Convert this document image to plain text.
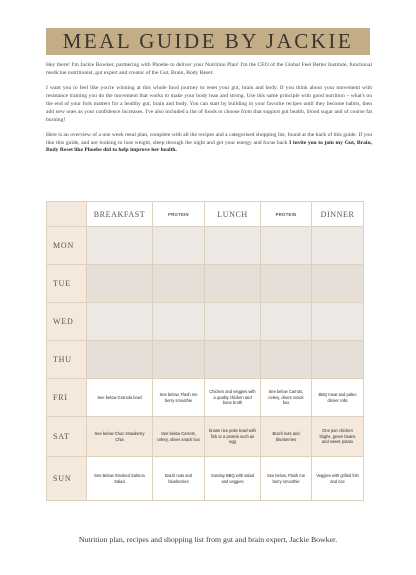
MEAL GUIDE BY JACKIE

Hey there! I'm Jackie Bowker, partnering with Phoebe to deliver your Nutrition Plan! I'm the CEO of the Global Feel Better Institute, functional medicine nutritionist, gut expert and creator of the Gut, Brain, Body Reset.

I want you to feel like you're winning at this whole food journey to reset your gut, brain and body. If you think about your movement with resistance training you do the movement that works to make your body lean and strong. Use this same principle with good nutrition – what's on the end of your fork matters for a healthy gut, brain and body. You can start by building in your favorite recipes until they become habits, then add new ones as your confidence increases. I've also included a list of foods to choose from that support gut health, blood sugar and of course fat burning!

Here is an overview of a one week meal plan, complete with all the recipes and a categorised shopping list, found at the back of this guide. If you like this guide, and are looking to lose weight, sleep through the night and get your energy and focus back I invite you to join my Gut, Brain, Body Reset like Phoebe did to help improve her health.

	BREAKFAST	PROTEIN	LUNCH	PROTEIN	DINNER
MON					
TUE					
WED					
THU					
FRI	See below Granola bowl	See below, Flash me berry smoothie	Chicken and veggies with a quality chicken and bone broth	See below Carrots, celery, olives snack box	BBQ meat and paleo dinner rolls
SAT	See below Choc strawberry Chia	See below Carrots, celery, olives snack box	brown rice poke bowl with fish or a protein such as egg	Brazil nuts and blueberries	One pan chicken thighs, green beans and sweet potato
SUN	See Below Smoked Salmon Salad	Brazil nuts and blueberries	Sunday BBQ with salad and veggies	See below, Flash me berry smoothie	Veggies with grilled fish and rice
Nutrition plan, recipes and shopping list from gut and brain expert, Jackie Bowker.
